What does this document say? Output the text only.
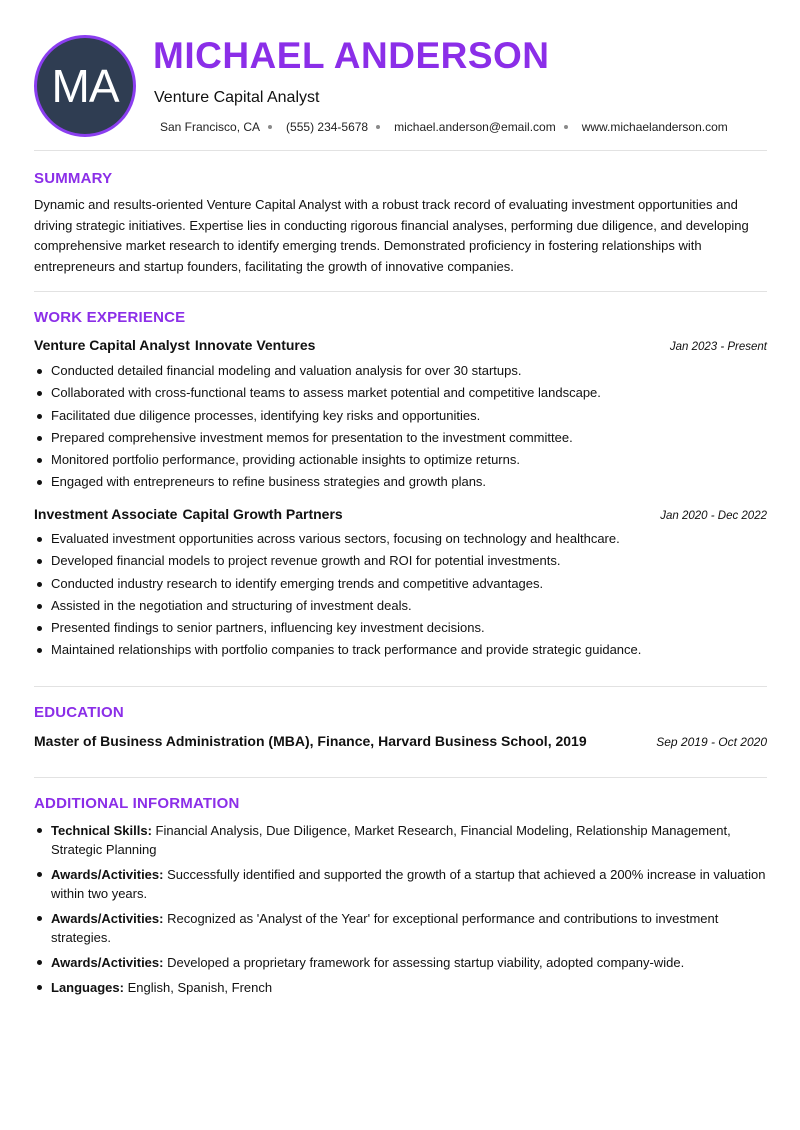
MA
MICHAEL ANDERSON
Venture Capital Analyst
San Francisco, CA (555) 234-5678 michael.anderson@email.com www.michaelanderson.com
SUMMARY

Dynamic and results-oriented Venture Capital Analyst with a robust track record of evaluating investment opportunities and driving strategic initiatives. Expertise lies in conducting rigorous financial analyses, performing due diligence, and developing comprehensive market research to identify emerging trends. Demonstrated proficiency in fostering relationships with entrepreneurs and startup founders, facilitating the growth of innovative companies.

WORK EXPERIENCE
Venture Capital Analyst Innovate Ventures	Jan 2023 - Present
Conducted detailed financial modeling and valuation analysis for over 30 startups.
Collaborated with cross-functional teams to assess market potential and competitive landscape.
Facilitated due diligence processes, identifying key risks and opportunities.
Prepared comprehensive investment memos for presentation to the investment committee.
Monitored portfolio performance, providing actionable insights to optimize returns.
Engaged with entrepreneurs to refine business strategies and growth plans.
Investment Associate Capital Growth Partners	Jan 2020 - Dec 2022
Evaluated investment opportunities across various sectors, focusing on technology and healthcare.
Developed financial models to project revenue growth and ROI for potential investments.
Conducted industry research to identify emerging trends and competitive advantages.
Assisted in the negotiation and structuring of investment deals.
Presented findings to senior partners, influencing key investment decisions.
Maintained relationships with portfolio companies to track performance and provide strategic guidance.
EDUCATION
Master of Business Administration (MBA), Finance, Harvard Business School, 2019	Sep 2019 - Oct 2020
ADDITIONAL INFORMATION
Technical Skills: Financial Analysis, Due Diligence, Market Research, Financial Modeling, Relationship Management, Strategic Planning
Awards/Activities: Successfully identified and supported the growth of a startup that achieved a 200% increase in valuation within two years.
Awards/Activities: Recognized as 'Analyst of the Year' for exceptional performance and contributions to investment strategies.
Awards/Activities: Developed a proprietary framework for assessing startup viability, adopted company-wide.
Languages: English, Spanish, French
